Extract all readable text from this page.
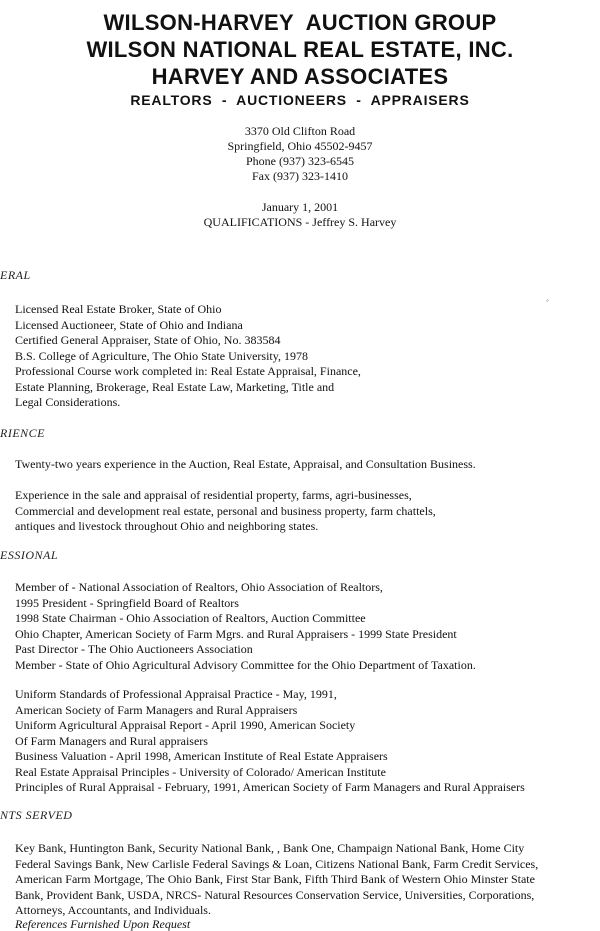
WILSON-HARVEY  AUCTION GROUP

WILSON NATIONAL REAL ESTATE, INC.

HARVEY AND ASSOCIATES

REALTORS  -  AUCTIONEERS  -  APPRAISERS

3370 Old Clifton Road
Springfield, Ohio 45502-9457
Phone (937) 323-6545
Fax (937) 323-1410
January 1, 2001
QUALIFICATIONS - Jeffrey S. Harvey

ERAL

Licensed Real Estate Broker, State of Ohio
Licensed Auctioneer, State of Ohio and Indiana
Certified General Appraiser, State of Ohio, No. 383584
B.S. College of Agriculture, The Ohio State University, 1978
Professional Course work completed in: Real Estate Appraisal, Finance,
Estate Planning, Brokerage, Real Estate Law, Marketing, Title and
Legal Considerations.

◦

RIENCE

Twenty-two years experience in the Auction, Real Estate, Appraisal, and Consultation Business.

Experience in the sale and appraisal of residential property, farms, agri-businesses,
Commercial and development real estate, personal and business property, farm chattels,
antiques and livestock throughout Ohio and neighboring states.

ESSIONAL

Member of - National Association of Realtors, Ohio Association of Realtors,
1995 President - Springfield Board of Realtors
1998 State Chairman - Ohio Association of Realtors, Auction Committee
Ohio Chapter, American Society of Farm Mgrs. and Rural Appraisers - 1999 State President
Past Director - The Ohio Auctioneers Association
Member - State of Ohio Agricultural Advisory Committee for the Ohio Department of Taxation.

Uniform Standards of Professional Appraisal Practice - May, 1991,
American Society of Farm Managers and Rural Appraisers
Uniform Agricultural Appraisal Report - April 1990, American Society
Of Farm Managers and Rural appraisers
Business Valuation - April 1998, American Institute of Real Estate Appraisers
Real Estate Appraisal Principles - University of Colorado/ American Institute
Principles of Rural Appraisal - February, 1991, American Society of Farm Managers and Rural Appraisers

NTS SERVED

Key Bank, Huntington Bank, Security National Bank, , Bank One, Champaign National Bank, Home City
Federal Savings Bank, New Carlisle Federal Savings & Loan, Citizens National Bank, Farm Credit Services,
American Farm Mortgage, The Ohio Bank, First Star Bank, Fifth Third Bank of Western Ohio Minster State
Bank, Provident Bank, USDA, NRCS- Natural Resources Conservation Service, Universities, Corporations,
Attorneys, Accountants, and Individuals.

References Furnished Upon Request
